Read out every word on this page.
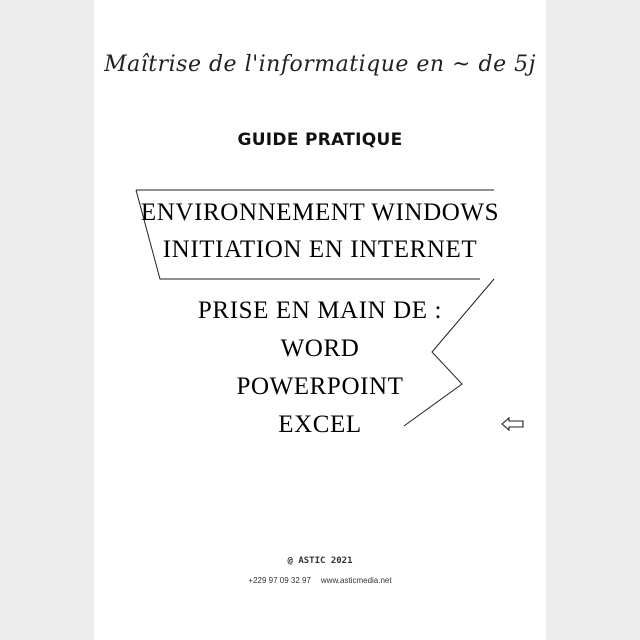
Maîtrise de l'informatique en ~ de 5j
GUIDE PRATIQUE
ENVIRONNEMENT WINDOWS
INITIATION EN INTERNET
PRISE EN MAIN DE :
WORD
POWERPOINT
EXCEL
@ ASTIC 2021
+229 97 09 32 97 www.asticmedia.net
